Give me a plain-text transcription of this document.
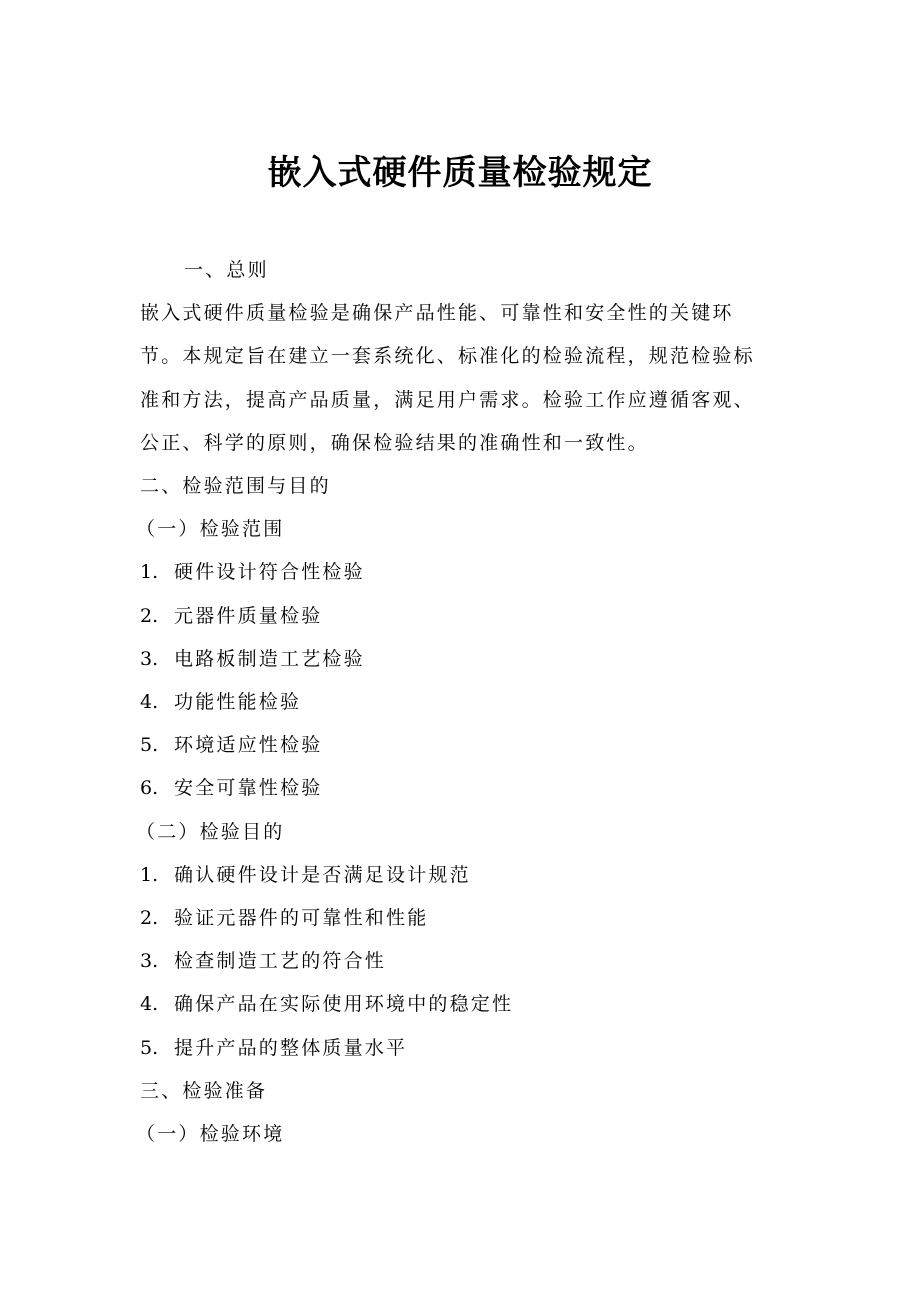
嵌入式硬件质量检验规定

一、总则

嵌入式硬件质量检验是确保产品性能、可靠性和安全性的关键环

节。本规定旨在建立一套系统化、标准化的检验流程，规范检验标

准和方法，提高产品质量，满足用户需求。检验工作应遵循客观、

公正、科学的原则，确保检验结果的准确性和一致性。

二、检验范围与目的

（一）检验范围

1. 硬件设计符合性检验

2. 元器件质量检验

3. 电路板制造工艺检验

4. 功能性能检验

5. 环境适应性检验

6. 安全可靠性检验

（二）检验目的

1. 确认硬件设计是否满足设计规范

2. 验证元器件的可靠性和性能

3. 检查制造工艺的符合性

4. 确保产品在实际使用环境中的稳定性

5. 提升产品的整体质量水平

三、检验准备

（一）检验环境
